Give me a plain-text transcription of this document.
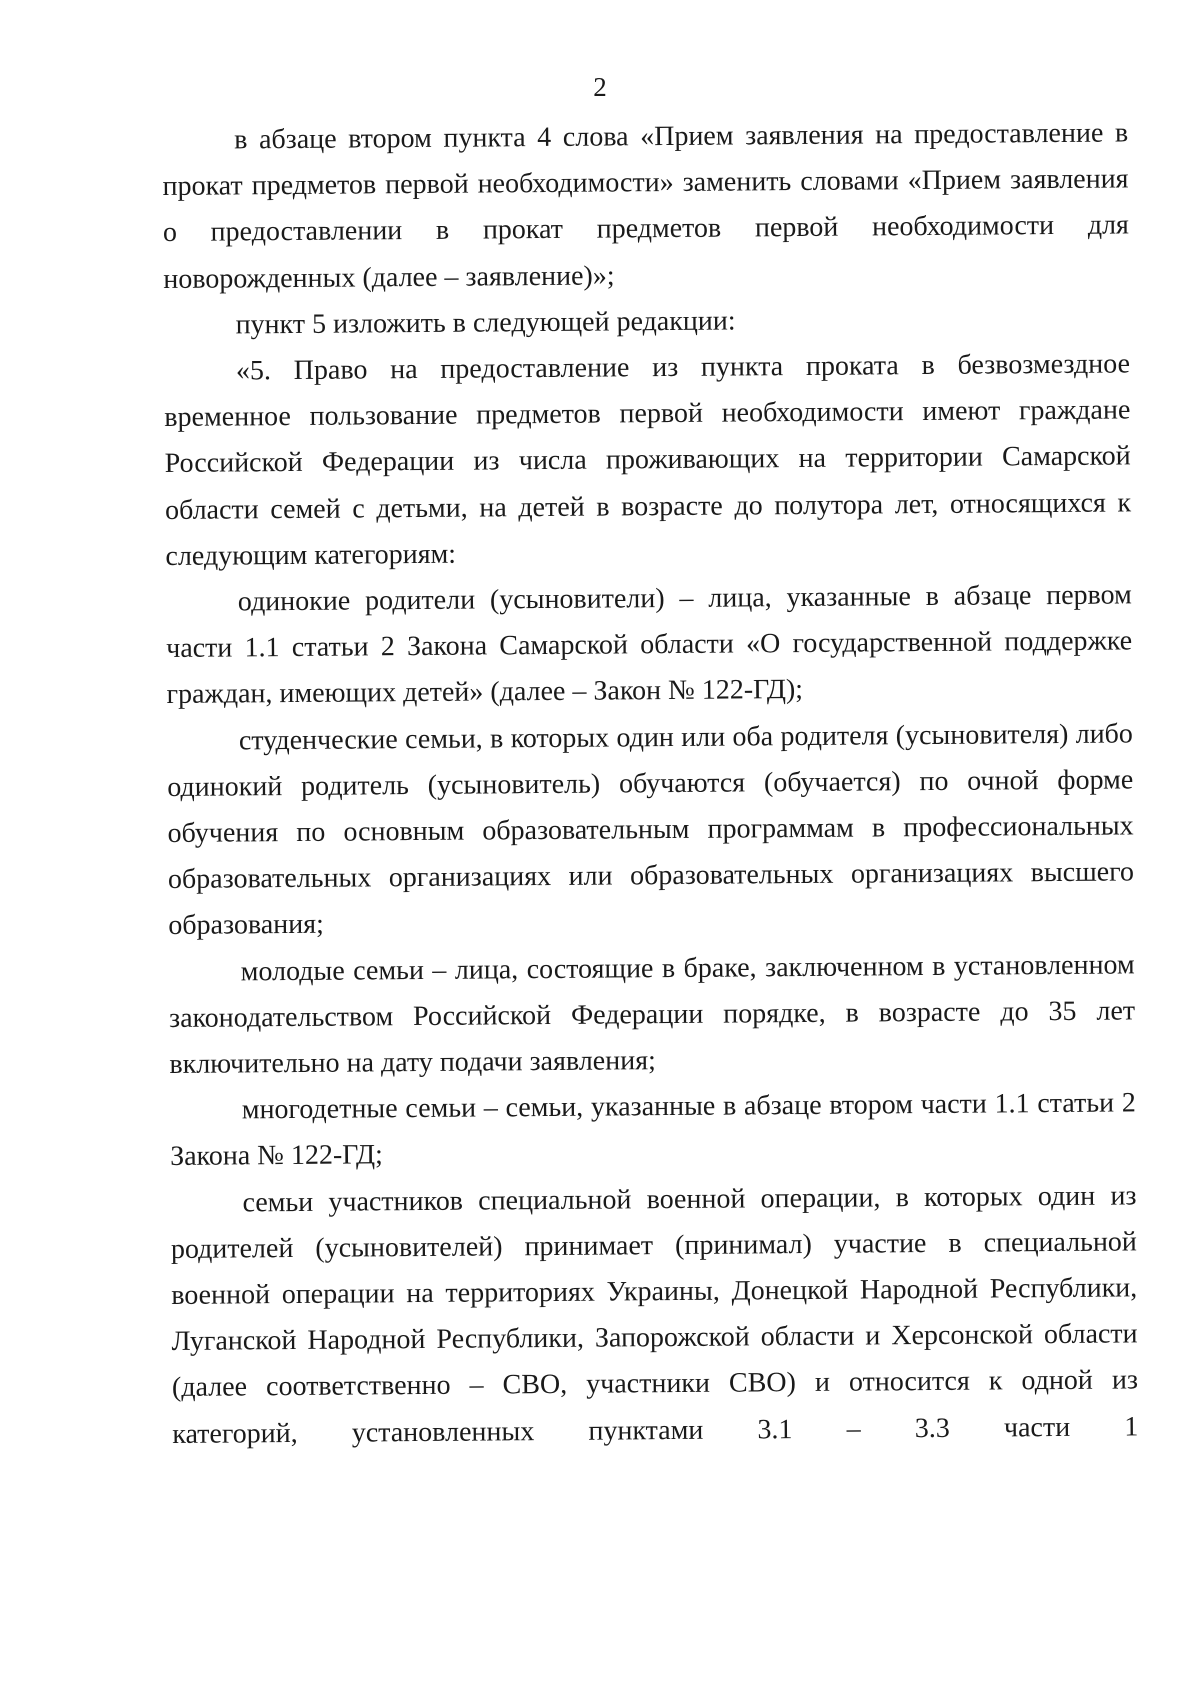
2

в абзаце втором пункта 4 слова «Прием заявления на предоставление в прокат предметов первой необходимости» заменить словами «Прием заявления о предоставлении в прокат предметов первой необходимости для новорожденных (далее – заявление)»;

пункт 5 изложить в следующей редакции:

«5. Право на предоставление из пункта проката в безвозмездное временное пользование предметов первой необходимости имеют граждане Российской Федерации из числа проживающих на территории Самарской области семей с детьми, на детей в возрасте до полутора лет, относящихся к следующим категориям:

одинокие родители (усыновители) – лица, указанные в абзаце первом части 1.1 статьи 2 Закона Самарской области «О государственной поддержке граждан, имеющих детей» (далее – Закон № 122-ГД);

студенческие семьи, в которых один или оба родителя (усыновителя) либо одинокий родитель (усыновитель) обучаются (обучается) по очной форме обучения по основным образовательным программам в профессиональных образовательных организациях или образовательных организациях высшего образования;

молодые семьи – лица, состоящие в браке, заключенном в установленном законодательством Российской Федерации порядке, в возрасте до 35 лет включительно на дату подачи заявления;

многодетные семьи – семьи, указанные в абзаце втором части 1.1 статьи 2 Закона № 122-ГД;

семьи участников специальной военной операции, в которых один из родителей (усыновителей) принимает (принимал) участие в специальной военной операции на территориях Украины, Донецкой Народной Республики, Луганской Народной Республики, Запорожской области и Херсонской области (далее соответственно – СВО, участники СВО) и относится к одной из категорий, установленных пунктами 3.1 – 3.3 части 1
